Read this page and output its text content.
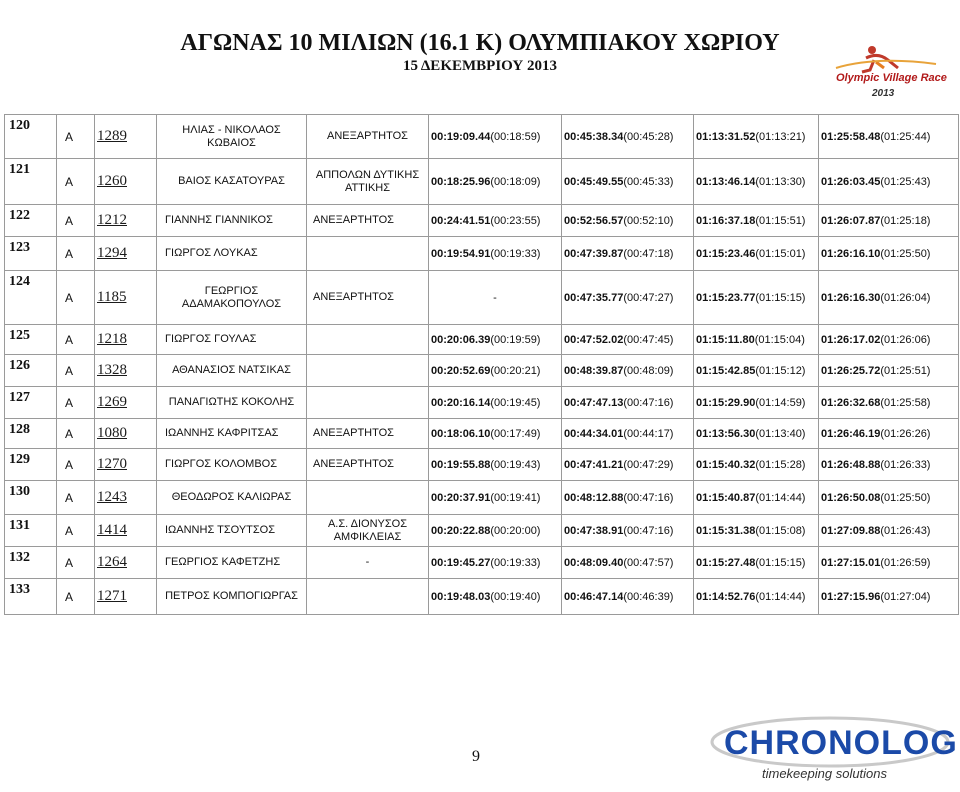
ΑΓΩΝΑΣ 10 ΜΙΛΙΩΝ (16.1 Κ) ΟΛΥΜΠΙΑΚΟΥ ΧΩΡΙΟΥ
15 ΔΕΚΕΜΒΡΙΟΥ 2013
Olympic Village Race
2013
120	A	1289	ΗΛΙΑΣ - ΝΙΚΟΛΑΟΣ ΚΩΒΑΙΟΣ	ΑΝΕΞΑΡΤΗΤΟΣ	00:19:09.44(00:18:59)	00:45:38.34(00:45:28)	01:13:31.52(01:13:21)	01:25:58.48(01:25:44)
121	A	1260	ΒΑΙΟΣ ΚΑΣΑΤΟΥΡΑΣ	ΑΠΠΟΛΩΝ ΔΥΤΙΚΗΣ ΑΤΤΙΚΗΣ	00:18:25.96(00:18:09)	00:45:49.55(00:45:33)	01:13:46.14(01:13:30)	01:26:03.45(01:25:43)
122	A	1212	ΓΙΑΝΝΗΣ ΓΙΑΝΝΙΚΟΣ	ΑΝΕΞΑΡΤΗΤΟΣ	00:24:41.51(00:23:55)	00:52:56.57(00:52:10)	01:16:37.18(01:15:51)	01:26:07.87(01:25:18)
123	A	1294	ΓΙΩΡΓΟΣ ΛΟΥΚΑΣ		00:19:54.91(00:19:33)	00:47:39.87(00:47:18)	01:15:23.46(01:15:01)	01:26:16.10(01:25:50)
124	A	1185	ΓΕΩΡΓΙΟΣ ΑΔΑΜΑΚΟΠΟΥΛΟΣ	ΑΝΕΞΑΡΤΗΤΟΣ	-	00:47:35.77(00:47:27)	01:15:23.77(01:15:15)	01:26:16.30(01:26:04)
125	A	1218	ΓΙΩΡΓΟΣ ΓΟΥΛΑΣ		00:20:06.39(00:19:59)	00:47:52.02(00:47:45)	01:15:11.80(01:15:04)	01:26:17.02(01:26:06)
126	A	1328	ΑΘΑΝΑΣΙΟΣ ΝΑΤΣΙΚΑΣ		00:20:52.69(00:20:21)	00:48:39.87(00:48:09)	01:15:42.85(01:15:12)	01:26:25.72(01:25:51)
127	A	1269	ΠΑΝΑΓΙΩΤΗΣ ΚΟΚΟΛΗΣ		00:20:16.14(00:19:45)	00:47:47.13(00:47:16)	01:15:29.90(01:14:59)	01:26:32.68(01:25:58)
128	A	1080	ΙΩΑΝΝΗΣ ΚΑΦΡΙΤΣΑΣ	ΑΝΕΞΑΡΤΗΤΟΣ	00:18:06.10(00:17:49)	00:44:34.01(00:44:17)	01:13:56.30(01:13:40)	01:26:46.19(01:26:26)
129	A	1270	ΓΙΩΡΓΟΣ ΚΟΛΟΜΒΟΣ	ΑΝΕΞΑΡΤΗΤΟΣ	00:19:55.88(00:19:43)	00:47:41.21(00:47:29)	01:15:40.32(01:15:28)	01:26:48.88(01:26:33)
130	A	1243	ΘΕΟΔΩΡΟΣ ΚΑΛΙΩΡΑΣ		00:20:37.91(00:19:41)	00:48:12.88(00:47:16)	01:15:40.87(01:14:44)	01:26:50.08(01:25:50)
131	A	1414	ΙΩΑΝΝΗΣ ΤΣΟΥΤΣΟΣ	Α.Σ. ΔΙΟΝΥΣΟΣ ΑΜΦΙΚΛΕΙΑΣ	00:20:22.88(00:20:00)	00:47:38.91(00:47:16)	01:15:31.38(01:15:08)	01:27:09.88(01:26:43)
132	A	1264	ΓΕΩΡΓΙΟΣ ΚΑΦΕΤΖΗΣ	-	00:19:45.27(00:19:33)	00:48:09.40(00:47:57)	01:15:27.48(01:15:15)	01:27:15.01(01:26:59)
133	A	1271	ΠΕΤΡΟΣ ΚΟΜΠΟΓΙΩΡΓΑΣ		00:19:48.03(00:19:40)	00:46:47.14(00:46:39)	01:14:52.76(01:14:44)	01:27:15.96(01:27:04)
9	CHRONOLOG
timekeeping solutions
